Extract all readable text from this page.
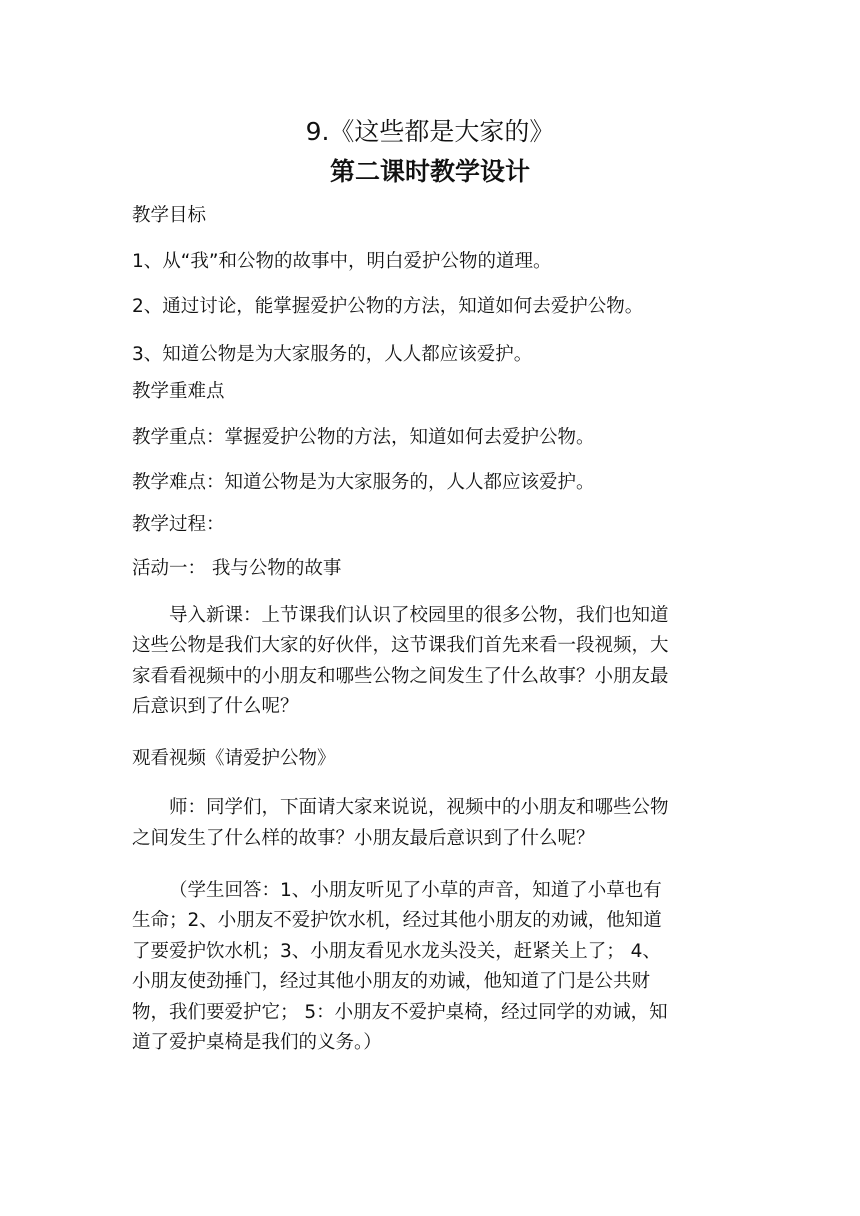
9.《这些都是大家的》
第二课时教学设计
教学目标
1、从“我”和公物的故事中，明白爱护公物的道理。
2、通过讨论，能掌握爱护公物的方法，知道如何去爱护公物。
3、知道公物是为大家服务的，人人都应该爱护。
教学重难点
教学重点：掌握爱护公物的方法，知道如何去爱护公物。
教学难点：知道公物是为大家服务的，人人都应该爱护。
教学过程：
活动一： 我与公物的故事
导入新课：上节课我们认识了校园里的很多公物，我们也知道
这些公物是我们大家的好伙伴，这节课我们首先来看一段视频，大
家看看视频中的小朋友和哪些公物之间发生了什么故事？小朋友最
后意识到了什么呢？
观看视频《请爱护公物》
师：同学们，下面请大家来说说，视频中的小朋友和哪些公物
之间发生了什么样的故事？小朋友最后意识到了什么呢？
（学生回答：1、小朋友听见了小草的声音，知道了小草也有
生命；2、小朋友不爱护饮水机，经过其他小朋友的劝诫，他知道
了要爱护饮水机；3、小朋友看见水龙头没关，赶紧关上了； 4、
小朋友使劲捶门，经过其他小朋友的劝诫，他知道了门是公共财
物，我们要爱护它； 5：小朋友不爱护桌椅，经过同学的劝诫，知
道了爱护桌椅是我们的义务。）
